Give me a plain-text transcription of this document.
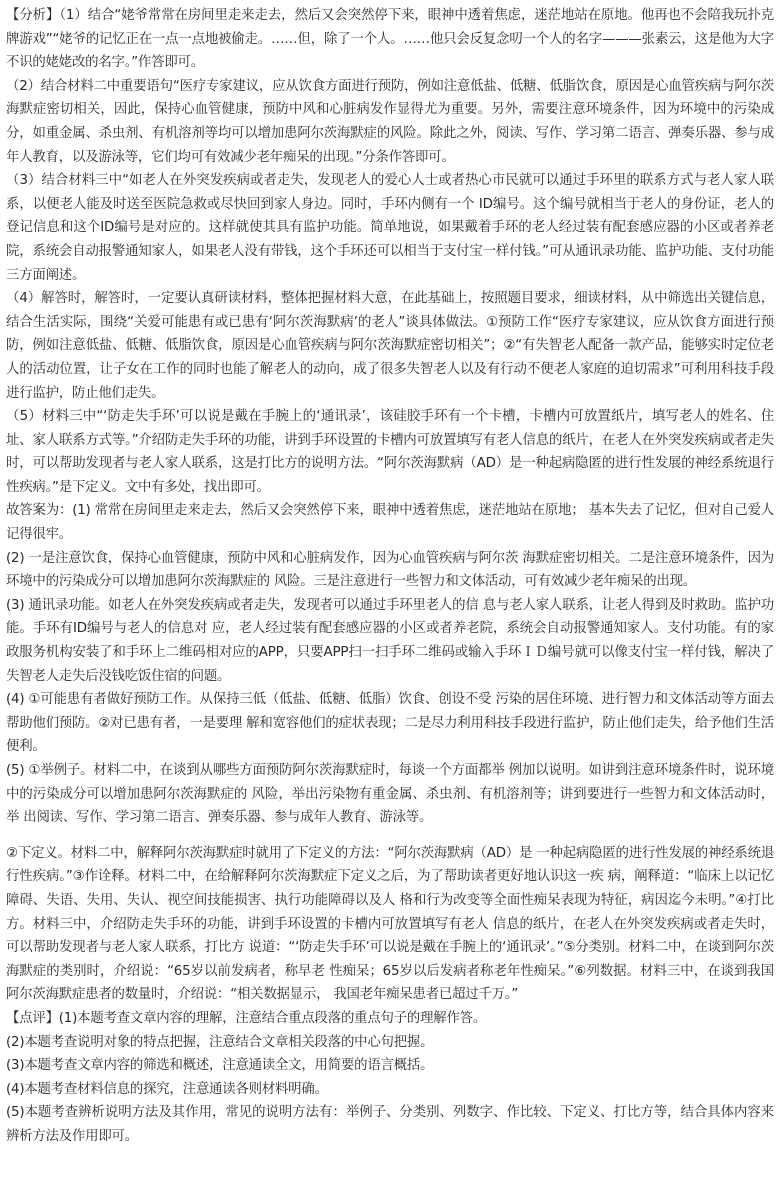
【分析】（1）结合“姥爷常常在房间里走来走去，然后又会突然停下来，眼神中透着焦虑，迷茫地站在原地。他再也不会陪我玩扑克牌游戏”“姥爷的记忆正在一点一点地被偷走。……但，除了一个人。……他只会反复念叨一个人的名字———张素云，这是他为大字不识的姥姥改的名字。”作答即可。

（2）结合材料二中重要语句“医疗专家建议，应从饮食方面进行预防，例如注意低盐、低糖、低脂饮食，原因是心血管疾病与阿尔茨海默症密切相关，因此，保持心血管健康，预防中风和心脏病发作显得尤为重要。另外，需要注意环境条件，因为环境中的污染成分，如重金属、杀虫剂、有机溶剂等均可以增加患阿尔茨海默症的风险。除此之外，阅读、写作、学习第二语言、弹奏乐器、参与成年人教育，以及游泳等，它们均可有效减少老年痴呆的出现。”分条作答即可。

（3）结合材料三中“如老人在外突发疾病或者走失，发现老人的爱心人士或者热心市民就可以通过手环里的联系方式与老人家人联系，以便老人能及时送至医院急救或尽快回到家人身边。同时，手环内侧有一个 ID编号。这个编号就相当于老人的身份证，老人的登记信息和这个ID编号是对应的。这样就使其具有监护功能。简单地说，如果戴着手环的老人经过装有配套感应器的小区或者养老院，系统会自动报警通知家人，如果老人没有带钱，这个手环还可以相当于支付宝一样付钱。”可从通讯录功能、监护功能、支付功能三方面阐述。

（4）解答时，解答时，一定要认真研读材料，整体把握材料大意，在此基础上，按照题目要求，细读材料，从中筛选出关键信息，结合生活实际，围绕“关爱可能患有或已患有‘阿尔茨海默病’的老人”谈具体做法。①预防工作“医疗专家建议，应从饮食方面进行预防，例如注意低盐、低糖、低脂饮食，原因是心血管疾病与阿尔茨海默症密切相关”；②“有失智老人配备一款产品，能够实时定位老人的活动位置，让子女在工作的同时也能了解老人的动向，成了很多失智老人以及有行动不便老人家庭的迫切需求”可利用科技手段进行监护，防止他们走失。

（5）材料三中“‘防走失手环’可以说是戴在手腕上的‘通讯录’，该硅胶手环有一个卡槽，卡槽内可放置纸片，填写老人的姓名、住址、家人联系方式等。”介绍防走失手环的功能，讲到手环设置的卡槽内可放置填写有老人信息的纸片，在老人在外突发疾病或者走失时，可以帮助发现者与老人家人联系，这是打比方的说明方法。“阿尔茨海默病（AD）是一种起病隐匿的进行性发展的神经系统退行性疾病。”是下定义。文中有多处，找出即可。

故答案为：(1) 常常在房间里走来走去，然后又会突然停下来，眼神中透着焦虑，迷茫地站在原地； 基本失去了记忆，但对自己爱人记得很牢。

(2) 一是注意饮食，保持心血管健康，预防中风和心脏病发作，因为心血管疾病与阿尔茨 海默症密切相关。二是注意环境条件，因为环境中的污染成分可以增加患阿尔茨海默症的 风险。三是注意进行一些智力和文体活动，可有效减少老年痴呆的出现。

(3) 通讯录功能。如老人在外突发疾病或者走失，发现者可以通过手环里老人的信 息与老人家人联系，让老人得到及时救助。监护功能。手环有ID编号与老人的信息对 应，老人经过装有配套感应器的小区或者养老院，系统会自动报警通知家人。支付功能。有的家政服务机构安装了和手环上二维码相对应的APP，只要APP扫一扫手环二维码或输入手环ＩＤ编号就可以像支付宝一样付钱，解决了失智老人走失后没钱吃饭住宿的问题。

(4) ①可能患有者做好预防工作。从保持三低（低盐、低糖、低脂）饮食、创设不受 污染的居住环境、进行智力和文体活动等方面去帮助他们预防。②对已患有者，一是要理 解和宽容他们的症状表现；二是尽力利用科技手段进行监护，防止他们走失，给予他们生活 便利。

(5) ①举例子。材料二中，在谈到从哪些方面预防阿尔茨海默症时，每谈一个方面都举 例加以说明。如讲到注意环境条件时，说环境中的污染成分可以增加患阿尔茨海默症的 风险，举出污染物有重金属、杀虫剂、有机溶剂等；讲到要进行一些智力和文体活动时，举 出阅读、写作、学习第二语言、弹奏乐器、参与成年人教育、游泳等。

②下定义。材料二中，解释阿尔茨海默症时就用了下定义的方法：“阿尔茨海默病（AD）是 一种起病隐匿的进行性发展的神经系统退行性疾病。”③作诠释。材料二中，在给解释阿尔茨海默症下定义之后，为了帮助读者更好地认识这一疾 病，阐释道：“临床上以记忆障碍、失语、失用、失认、视空间技能损害、执行功能障碍以及人 格和行为改变等全面性痴呆表现为特征，病因迄今未明。”④打比方。材料三中，介绍防走失手环的功能，讲到手环设置的卡槽内可放置填写有老人 信息的纸片，在老人在外突发疾病或者走失时，可以帮助发现者与老人家人联系，打比方 说道：“‘防走失手环’可以说是戴在手腕上的‘通讯录’。”⑤分类别。材料二中，在谈到阿尔茨海默症的类别时，介绍说：“65岁以前发病者，称早老 性痴呆；65岁以后发病者称老年性痴呆。”⑥列数据。材料三中，在谈到我国阿尔茨海默症患者的数量时，介绍说：“相关数据显示， 我国老年痴呆患者已超过千万。”

【点评】(1)本题考查文章内容的理解，注意结合重点段落的重点句子的理解作答。

(2)本题考查说明对象的特点把握，注意结合文章相关段落的中心句把握。

(3)本题考查文章内容的筛选和概述，注意通读全文，用简要的语言概括。

(4)本题考查材料信息的探究，注意通读各则材料明确。

(5)本题考查辨析说明方法及其作用，常见的说明方法有：举例子、分类别、列数字、作比较、下定义、打比方等，结合具体内容来辨析方法及作用即可。
